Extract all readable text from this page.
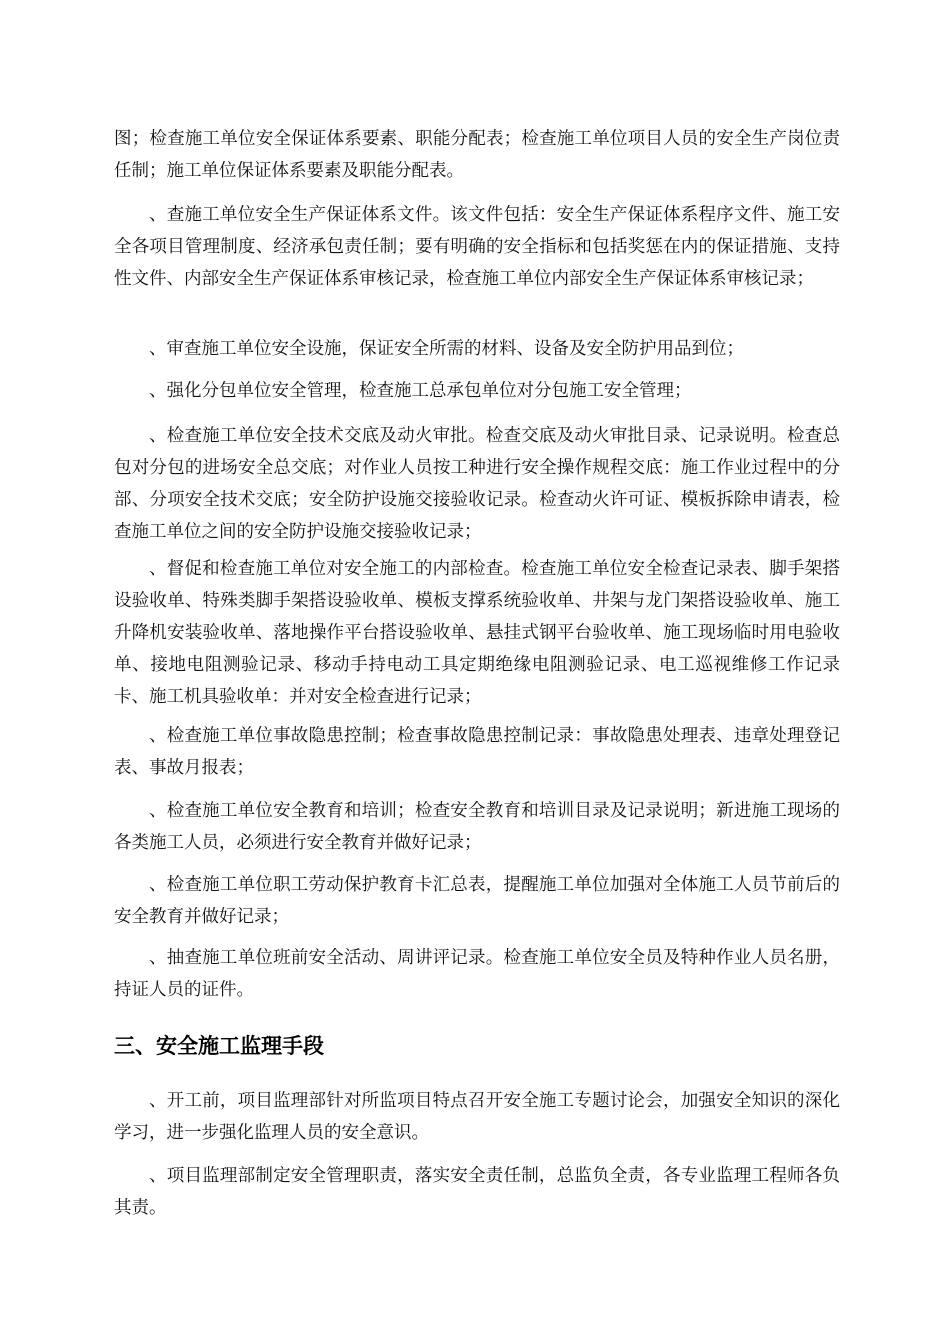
图；检查施工单位安全保证体系要素、职能分配表；检查施工单位项目人员的安全生产岗位责任制；施工单位保证体系要素及职能分配表。

、查施工单位安全生产保证体系文件。该文件包括：安全生产保证体系程序文件、施工安全各项目管理制度、经济承包责任制；要有明确的安全指标和包括奖惩在内的保证措施、支持性文件、内部安全生产保证体系审核记录，检查施工单位内部安全生产保证体系审核记录；

、审查施工单位安全设施，保证安全所需的材料、设备及安全防护用品到位；

、强化分包单位安全管理，检查施工总承包单位对分包施工安全管理；

、检查施工单位安全技术交底及动火审批。检查交底及动火审批目录、记录说明。检查总包对分包的进场安全总交底；对作业人员按工种进行安全操作规程交底：施工作业过程中的分部、分项安全技术交底；安全防护设施交接验收记录。检查动火许可证、模板拆除申请表，检查施工单位之间的安全防护设施交接验收记录；

、督促和检查施工单位对安全施工的内部检查。检查施工单位安全检查记录表、脚手架搭设验收单、特殊类脚手架搭设验收单、模板支撑系统验收单、井架与龙门架搭设验收单、施工升降机安装验收单、落地操作平台搭设验收单、悬挂式钢平台验收单、施工现场临时用电验收单、接地电阻测验记录、移动手持电动工具定期绝缘电阻测验记录、电工巡视维修工作记录卡、施工机具验收单：并对安全检查进行记录；

、检查施工单位事故隐患控制；检查事故隐患控制记录：事故隐患处理表、违章处理登记表、事故月报表；

、检查施工单位安全教育和培训；检查安全教育和培训目录及记录说明；新进施工现场的各类施工人员，必须进行安全教育并做好记录；

、检查施工单位职工劳动保护教育卡汇总表，提醒施工单位加强对全体施工人员节前后的安全教育并做好记录；

、抽查施工单位班前安全活动、周讲评记录。检查施工单位安全员及特种作业人员名册，持证人员的证件。

三、安全施工监理手段

、开工前，项目监理部针对所监项目特点召开安全施工专题讨论会，加强安全知识的深化学习，进一步强化监理人员的安全意识。

、项目监理部制定安全管理职责，落实安全责任制，总监负全责，各专业监理工程师各负其责。
